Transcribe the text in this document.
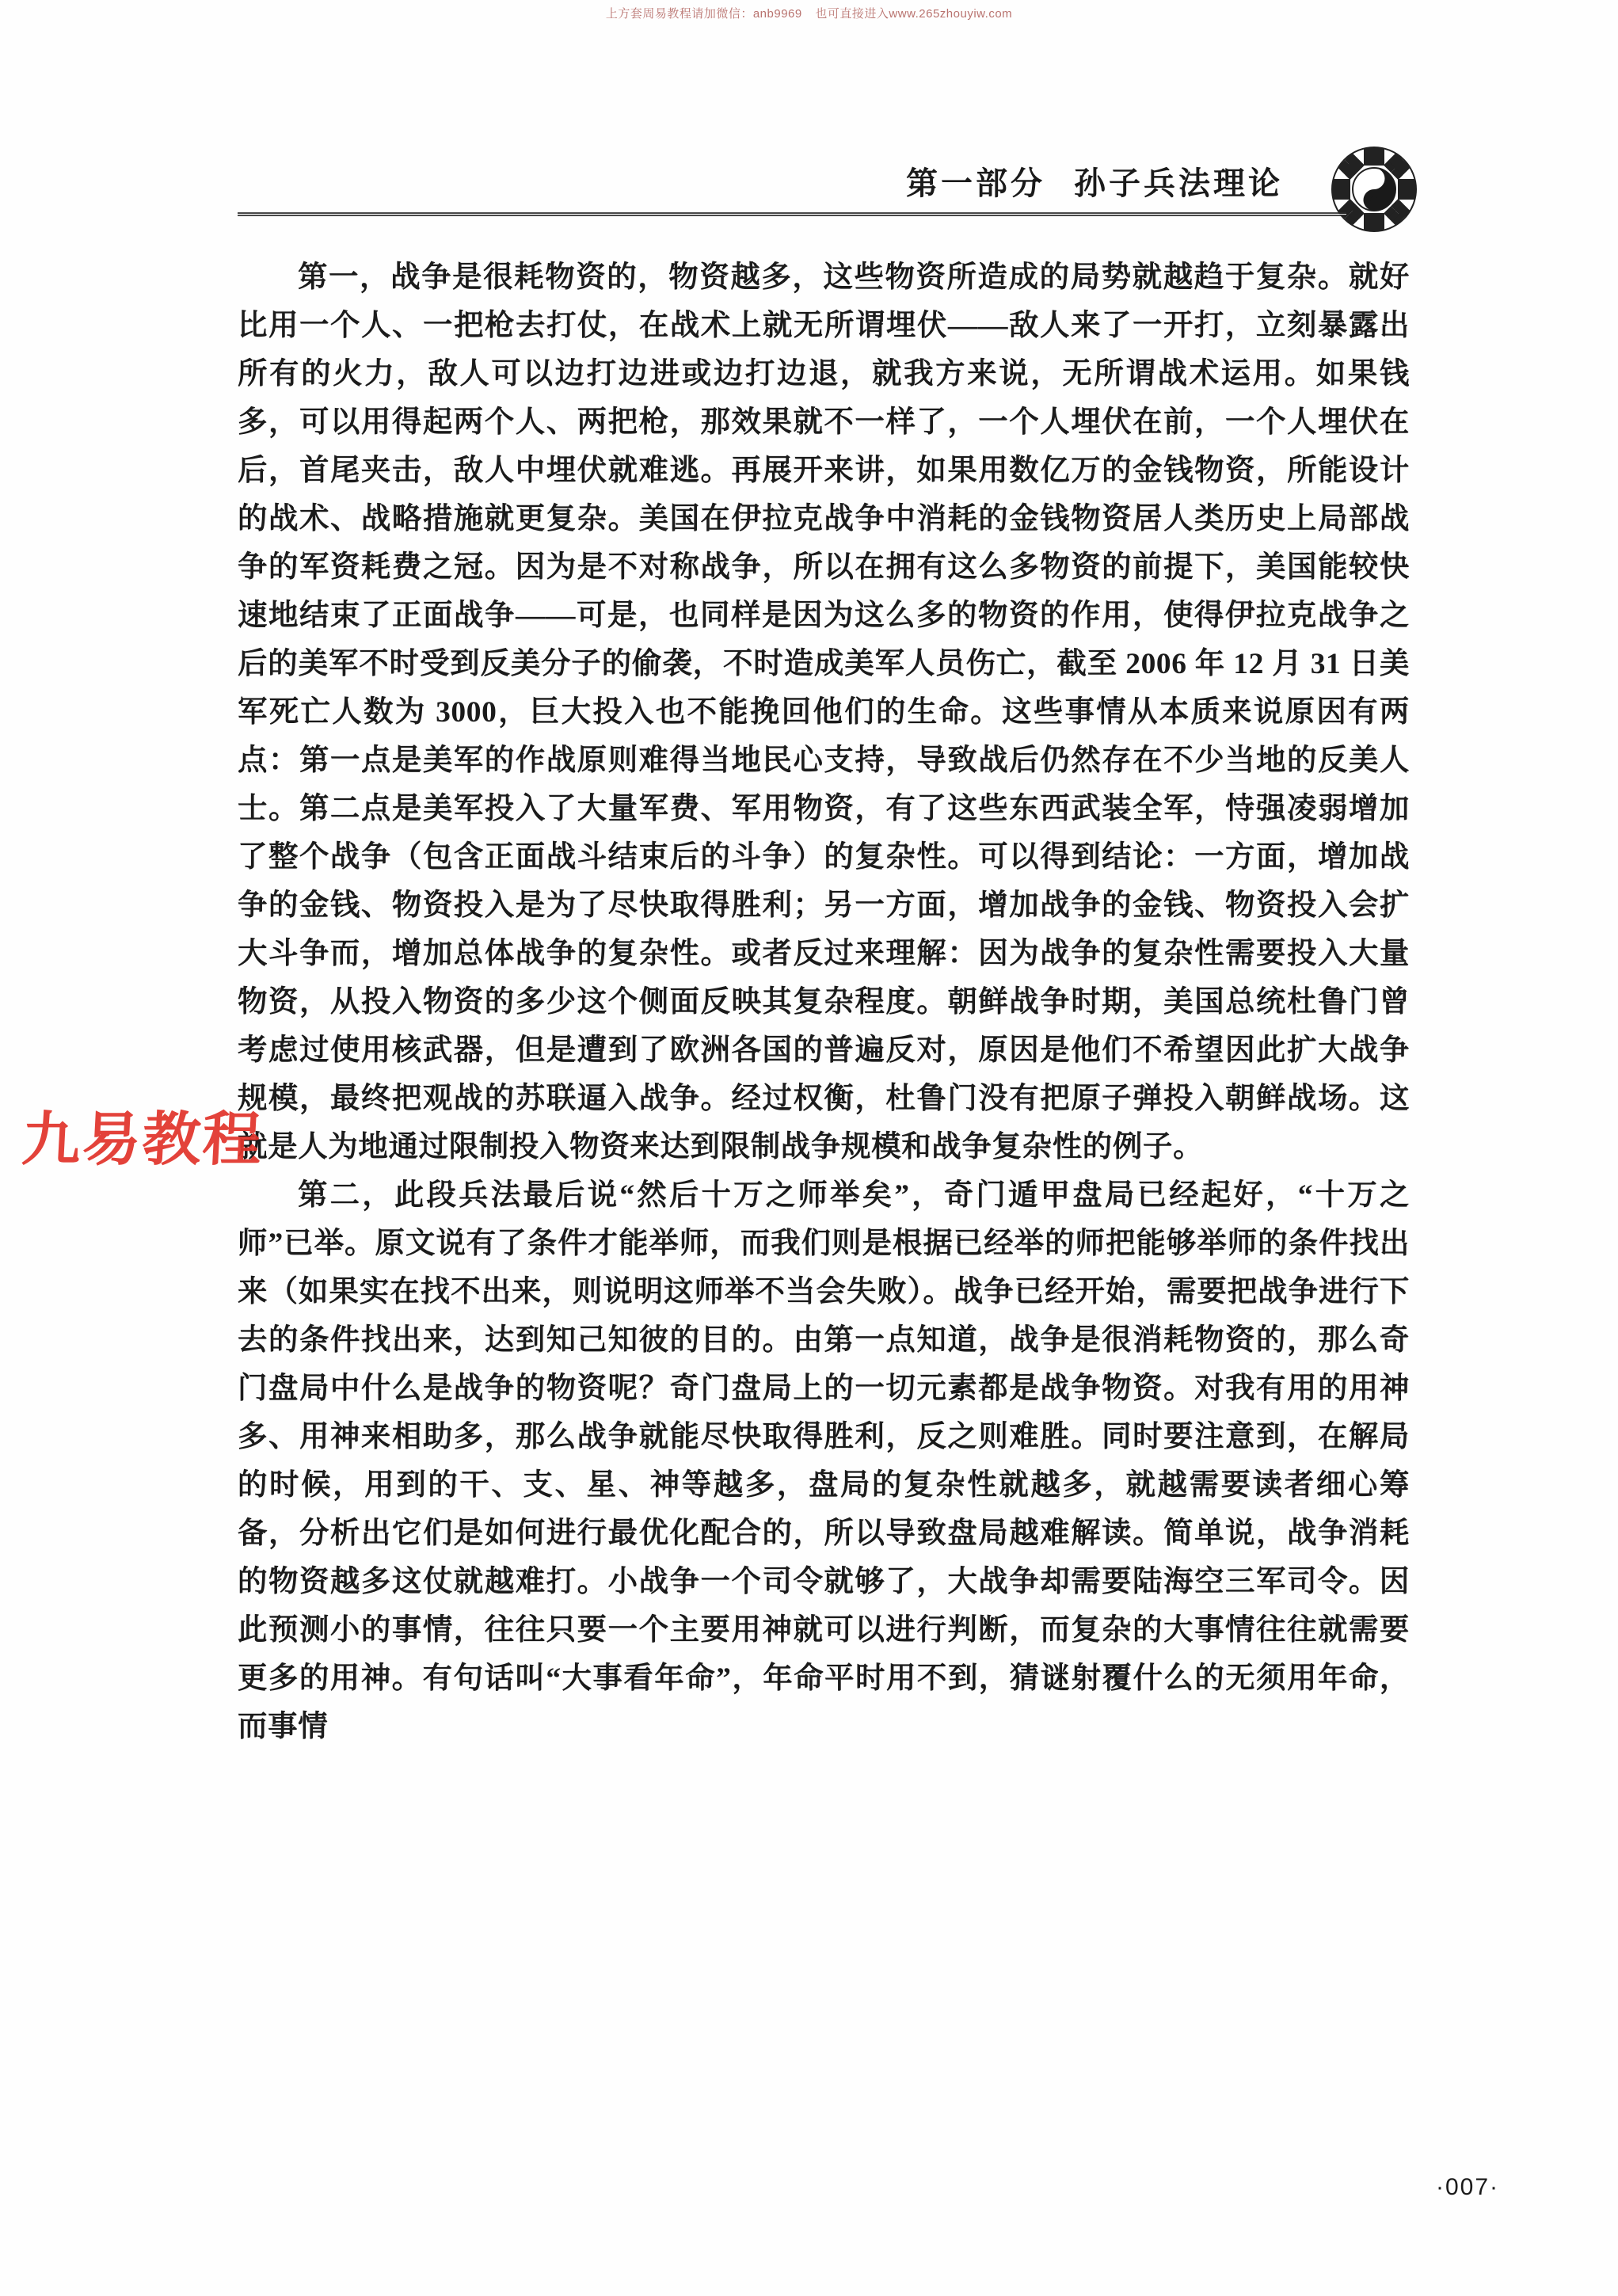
上方套周易教程请加微信：anb9969 也可直接进入www.265zhouyiw.com
第一部分 孙子兵法理论

第一，战争是很耗物资的，物资越多，这些物资所造成的局势就越趋于复杂。就好比用一个人、一把枪去打仗，在战术上就无所谓埋伏——敌人来了一开打，立刻暴露出所有的火力，敌人可以边打边进或边打边退，就我方来说，无所谓战术运用。如果钱多，可以用得起两个人、两把枪，那效果就不一样了，一个人埋伏在前，一个人埋伏在后，首尾夹击，敌人中埋伏就难逃。再展开来讲，如果用数亿万的金钱物资，所能设计的战术、战略措施就更复杂。美国在伊拉克战争中消耗的金钱物资居人类历史上局部战争的军资耗费之冠。因为是不对称战争，所以在拥有这么多物资的前提下，美国能较快速地结束了正面战争——可是，也同样是因为这么多的物资的作用，使得伊拉克战争之后的美军不时受到反美分子的偷袭，不时造成美军人员伤亡，截至 2006 年 12 月 31 日美军死亡人数为 3000，巨大投入也不能挽回他们的生命。这些事情从本质来说原因有两点：第一点是美军的作战原则难得当地民心支持，导致战后仍然存在不少当地的反美人士。第二点是美军投入了大量军费、军用物资，有了这些东西武装全军，恃强凌弱增加了整个战争（包含正面战斗结束后的斗争）的复杂性。可以得到结论：一方面，增加战争的金钱、物资投入是为了尽快取得胜利；另一方面，增加战争的金钱、物资投入会扩大斗争而，增加总体战争的复杂性。或者反过来理解：因为战争的复杂性需要投入大量物资，从投入物资的多少这个侧面反映其复杂程度。朝鲜战争时期，美国总统杜鲁门曾考虑过使用核武器，但是遭到了欧洲各国的普遍反对，原因是他们不希望因此扩大战争规模，最终把观战的苏联逼入战争。经过权衡，杜鲁门没有把原子弹投入朝鲜战场。这就是人为地通过限制投入物资来达到限制战争规模和战争复杂性的例子。

第二，此段兵法最后说“然后十万之师举矣”，奇门遁甲盘局已经起好，“十万之师”已举。原文说有了条件才能举师，而我们则是根据已经举的师把能够举师的条件找出来（如果实在找不出来，则说明这师举不当会失败）。战争已经开始，需要把战争进行下去的条件找出来，达到知己知彼的目的。由第一点知道，战争是很消耗物资的，那么奇门盘局中什么是战争的物资呢？奇门盘局上的一切元素都是战争物资。对我有用的用神多、用神来相助多，那么战争就能尽快取得胜利，反之则难胜。同时要注意到，在解局的时候，用到的干、支、星、神等越多，盘局的复杂性就越多，就越需要读者细心筹备，分析出它们是如何进行最优化配合的，所以导致盘局越难解读。简单说，战争消耗的物资越多这仗就越难打。小战争一个司令就够了，大战争却需要陆海空三军司令。因此预测小的事情，往往只要一个主要用神就可以进行判断，而复杂的大事情往往就需要更多的用神。有句话叫“大事看年命”，年命平时用不到，猜谜射覆什么的无须用年命，而事情

九易教程
·007·
